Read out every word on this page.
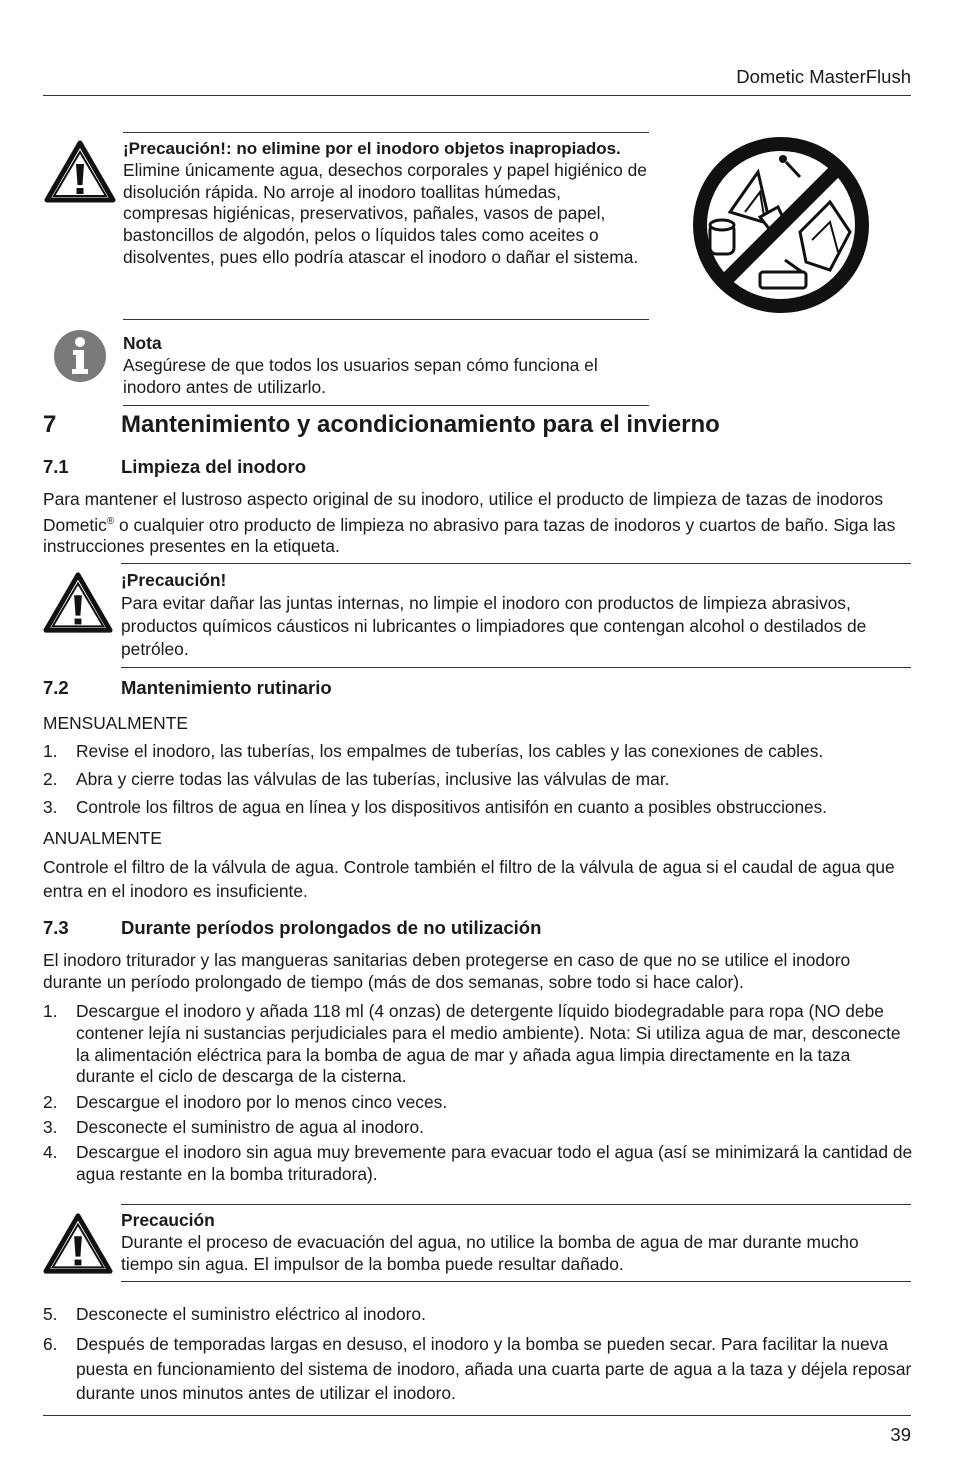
Dometic MasterFlush
¡Precaución!: no elimine por el inodoro objetos inapropiados.
Elimine únicamente agua, desechos corporales y papel higiénico de disolución rápida. No arroje al inodoro toallitas húmedas, compresas higiénicas, preservativos, pañales, vasos de papel, bastoncillos de algodón, pelos o líquidos tales como aceites o disolventes, pues ello podría atascar el inodoro o dañar el sistema.
Nota
Asegúrese de que todos los usuarios sepan cómo funciona el inodoro antes de utilizarlo.
7	Mantenimiento y acondicionamiento para el invierno
7.1	Limpieza del inodoro
Para mantener el lustroso aspecto original de su inodoro, utilice el producto de limpieza de tazas de inodoros Dometic® o cualquier otro producto de limpieza no abrasivo para tazas de inodoros y cuartos de baño. Siga las instrucciones presentes en la etiqueta.
¡Precaución!
Para evitar dañar las juntas internas, no limpie el inodoro con productos de limpieza abrasivos, productos químicos cáusticos ni lubricantes o limpiadores que contengan alcohol o destilados de petróleo.
7.2	Mantenimiento rutinario
MENSUALMENTE
1. Revise el inodoro, las tuberías, los empalmes de tuberías, los cables y las conexiones de cables.
2. Abra y cierre todas las válvulas de las tuberías, inclusive las válvulas de mar.
3. Controle los filtros de agua en línea y los dispositivos antisifón en cuanto a posibles obstrucciones.
ANUALMENTE
Controle el filtro de la válvula de agua. Controle también el filtro de la válvula de agua si el caudal de agua que entra en el inodoro es insuficiente.
7.3	Durante períodos prolongados de no utilización
El inodoro triturador y las mangueras sanitarias deben protegerse en caso de que no se utilice el inodoro durante un período prolongado de tiempo (más de dos semanas, sobre todo si hace calor).
1. Descargue el inodoro y añada 118 ml (4 onzas) de detergente líquido biodegradable para ropa (NO debe contener lejía ni sustancias perjudiciales para el medio ambiente). Nota: Si utiliza agua de mar, desconecte la alimentación eléctrica para la bomba de agua de mar y añada agua limpia directamente en la taza durante el ciclo de descarga de la cisterna.
2. Descargue el inodoro por lo menos cinco veces.
3. Desconecte el suministro de agua al inodoro.
4. Descargue el inodoro sin agua muy brevemente para evacuar todo el agua (así se minimizará la cantidad de agua restante en la bomba trituradora).
Precaución
Durante el proceso de evacuación del agua, no utilice la bomba de agua de mar durante mucho tiempo sin agua. El impulsor de la bomba puede resultar dañado.
5. Desconecte el suministro eléctrico al inodoro.
6. Después de temporadas largas en desuso, el inodoro y la bomba se pueden secar. Para facilitar la nueva puesta en funcionamiento del sistema de inodoro, añada una cuarta parte de agua a la taza y déjela reposar durante unos minutos antes de utilizar el inodoro.
39
